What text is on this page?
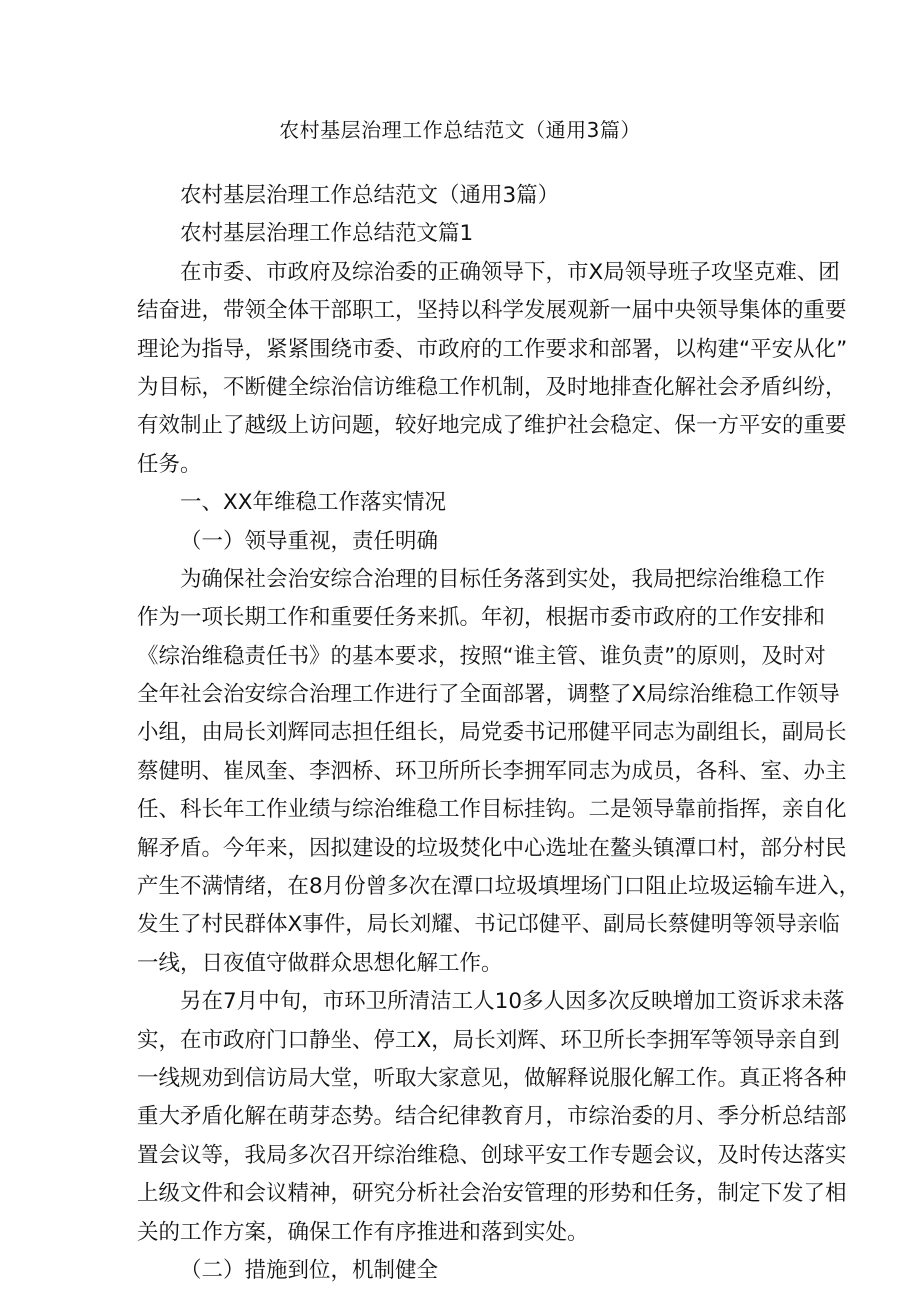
农村基层治理工作总结范文（通用3篇）
农村基层治理工作总结范文（通用3篇）
农村基层治理工作总结范文篇1
在市委、市政府及综治委的正确领导下，市X局领导班子攻坚克难、团
结奋进，带领全体干部职工，坚持以科学发展观新一届中央领导集体的重要
理论为指导，紧紧围绕市委、市政府的工作要求和部署，以构建“平安从化”
为目标，不断健全综治信访维稳工作机制，及时地排查化解社会矛盾纠纷，
有效制止了越级上访问题，较好地完成了维护社会稳定、保一方平安的重要
任务。
一、XX年维稳工作落实情况
（一）领导重视，责任明确
为确保社会治安综合治理的目标任务落到实处，我局把综治维稳工作
作为一项长期工作和重要任务来抓。年初，根据市委市政府的工作安排和
《综治维稳责任书》的基本要求，按照“谁主管、谁负责”的原则，及时对
全年社会治安综合治理工作进行了全面部署，调整了X局综治维稳工作领导
小组，由局长刘辉同志担任组长，局党委书记邢健平同志为副组长，副局长
蔡健明、崔凤奎、李泗桥、环卫所所长李拥军同志为成员，各科、室、办主
任、科长年工作业绩与综治维稳工作目标挂钩。二是领导靠前指挥，亲自化
解矛盾。今年来，因拟建设的垃圾焚化中心选址在鳌头镇潭口村，部分村民
产生不满情绪，在8月份曾多次在潭口垃圾填埋场门口阻止垃圾运输车进入，
发生了村民群体X事件，局长刘耀、书记邙健平、副局长蔡健明等领导亲临
一线，日夜值守做群众思想化解工作。
另在7月中旬，市环卫所清洁工人10多人因多次反映增加工资诉求未落
实，在市政府门口静坐、停工X，局长刘辉、环卫所长李拥军等领导亲自到
一线规劝到信访局大堂，听取大家意见，做解释说服化解工作。真正将各种
重大矛盾化解在萌芽态势。结合纪律教育月，市综治委的月、季分析总结部
置会议等，我局多次召开综治维稳、创球平安工作专题会议，及时传达落实
上级文件和会议精神，研究分析社会治安管理的形势和任务，制定下发了相
关的工作方案，确保工作有序推进和落到实处。
（二）措施到位，机制健全
